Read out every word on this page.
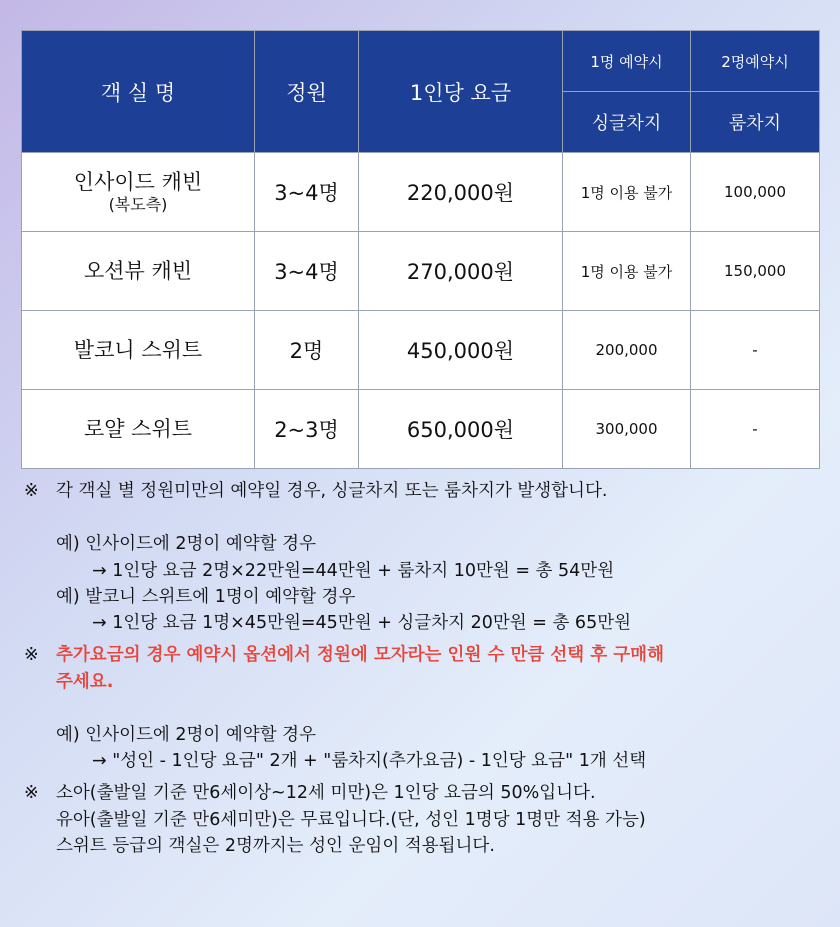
객 실 명	정원	1인당 요금	1명 예약시	2명예약시
			싱글차지	룸차지
인사이드 캐빈
(복도측)	3~4명	220,000원	1명 이용 불가	100,000
오션뷰 캐빈	3~4명	270,000원	1명 이용 불가	150,000
발코니 스위트	2명	450,000원	200,000	-
로얄 스위트	2~3명	650,000원	300,000	-
※ 각 객실 별 정원미만의 예약일 경우, 싱글차지 또는 룸차지가 발생합니다.
예) 인사이드에 2명이 예약할 경우
→ 1인당 요금 2명×22만원=44만원 + 룸차지 10만원 = 총 54만원
예) 발코니 스위트에 1명이 예약할 경우
→ 1인당 요금 1명×45만원=45만원 + 싱글차지 20만원 = 총 65만원
※ 추가요금의 경우 예약시 옵션에서 정원에 모자라는 인원 수 만큼 선택 후 구매해
주세요.
예) 인사이드에 2명이 예약할 경우
→ "성인 - 1인당 요금" 2개 + "룸차지(추가요금) - 1인당 요금" 1개 선택
※ 소아(출발일 기준 만6세이상~12세 미만)은 1인당 요금의 50%입니다.
유아(출발일 기준 만6세미만)은 무료입니다.(단, 성인 1명당 1명만 적용 가능)
스위트 등급의 객실은 2명까지는 성인 운임이 적용됩니다.
